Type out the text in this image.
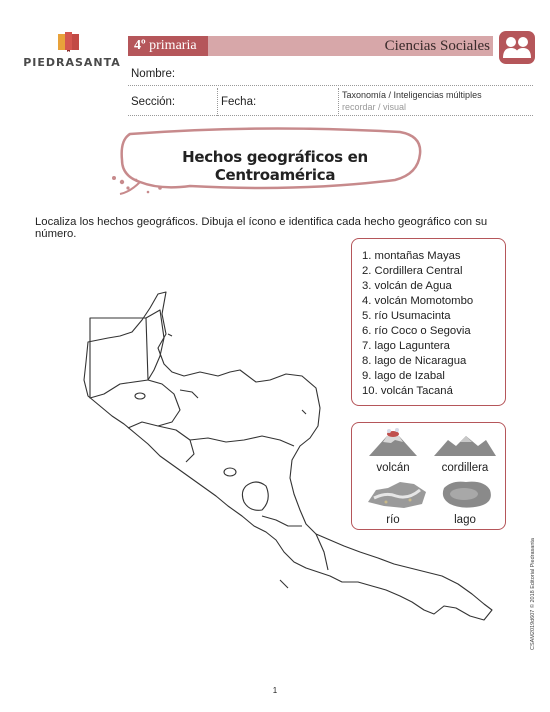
PIEDRASANTA
4º primaria	Ciencias Sociales
Nombre:
Sección:	Fecha:
Taxonomía / Inteligencias múltiples
recordar / visual
Hechos geográficos en Centroamérica
Localiza los hechos geográficos. Dibuja el ícono e identifica cada hecho geográfico con su número.
1. montañas Mayas
2. Cordillera Central
3. volcán de Agua
4. volcán Momotombo
5. río Usumacinta
6. río Coco o Segovia
7. lago Laguntera
8. lago de Nicaragua
9. lago de Izabal
10. volcán Tacaná
volcán	cordillera
río	lago
CSAM2019d607 © 2018 Editorial Piedrasanta
1
